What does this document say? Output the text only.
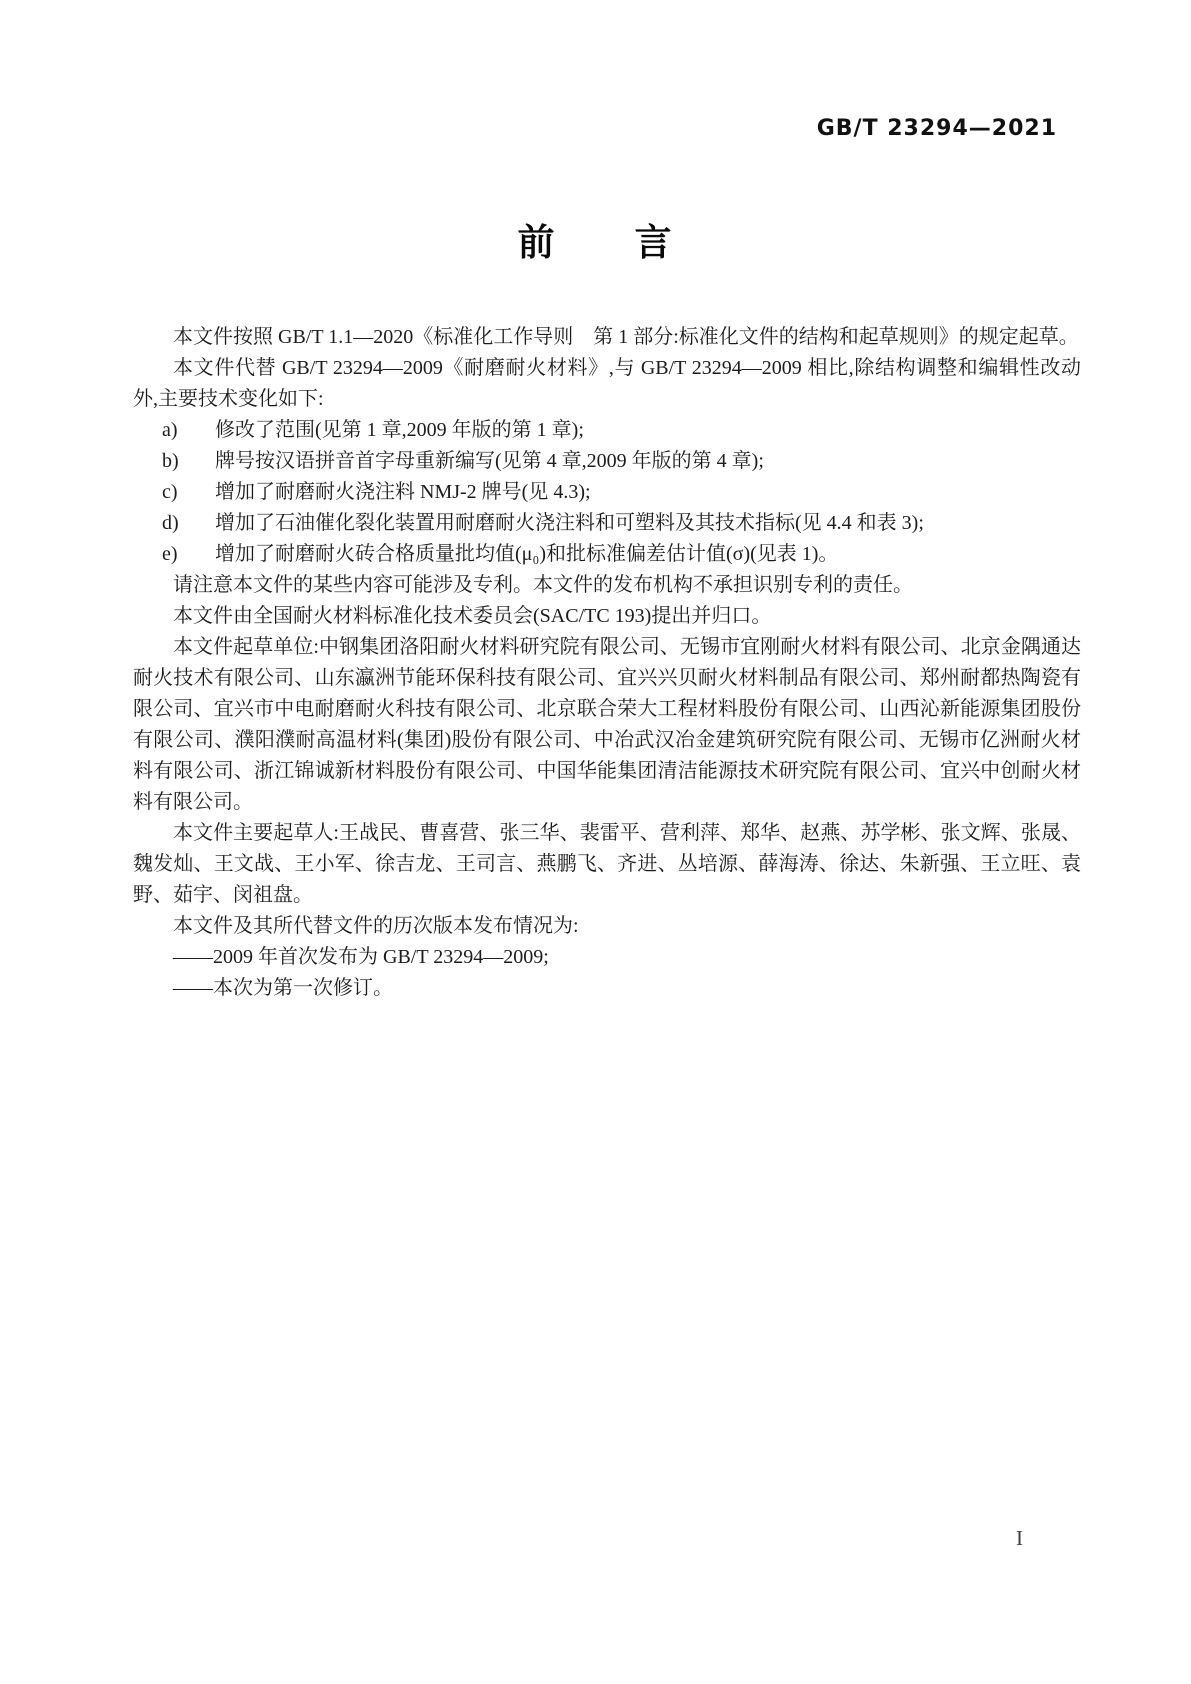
GB/T 23294—2021
前　　言

本文件按照 GB/T 1.1—2020《标准化工作导则　第 1 部分:标准化文件的结构和起草规则》的规定起草。

本文件代替 GB/T 23294—2009《耐磨耐火材料》,与 GB/T 23294—2009 相比,除结构调整和编辑性改动外,主要技术变化如下:

a) 修改了范围(见第 1 章,2009 年版的第 1 章);
b) 牌号按汉语拼音首字母重新编写(见第 4 章,2009 年版的第 4 章);
c) 增加了耐磨耐火浇注料 NMJ-2 牌号(见 4.3);
d) 增加了石油催化裂化装置用耐磨耐火浇注料和可塑料及其技术指标(见 4.4 和表 3);
e) 增加了耐磨耐火砖合格质量批均值(μ₀)和批标准偏差估计值(σ)(见表 1)。

请注意本文件的某些内容可能涉及专利。本文件的发布机构不承担识别专利的责任。

本文件由全国耐火材料标准化技术委员会(SAC/TC 193)提出并归口。

本文件起草单位:中钢集团洛阳耐火材料研究院有限公司、无锡市宜刚耐火材料有限公司、北京金隅通达耐火技术有限公司、山东瀛洲节能环保科技有限公司、宜兴兴贝耐火材料制品有限公司、郑州耐都热陶瓷有限公司、宜兴市中电耐磨耐火科技有限公司、北京联合荣大工程材料股份有限公司、山西沁新能源集团股份有限公司、濮阳濮耐高温材料(集团)股份有限公司、中冶武汉冶金建筑研究院有限公司、无锡市亿洲耐火材料有限公司、浙江锦诚新材料股份有限公司、中国华能集团清洁能源技术研究院有限公司、宜兴中创耐火材料有限公司。

本文件主要起草人:王战民、曹喜营、张三华、裴雷平、营利萍、郑华、赵燕、苏学彬、张文辉、张晟、魏发灿、王文战、王小军、徐吉龙、王司言、燕鹏飞、齐进、丛培源、薛海涛、徐达、朱新强、王立旺、袁野、茹宇、闵祖盘。

本文件及其所代替文件的历次版本发布情况为:

——2009 年首次发布为 GB/T 23294—2009;

——本次为第一次修订。

I
